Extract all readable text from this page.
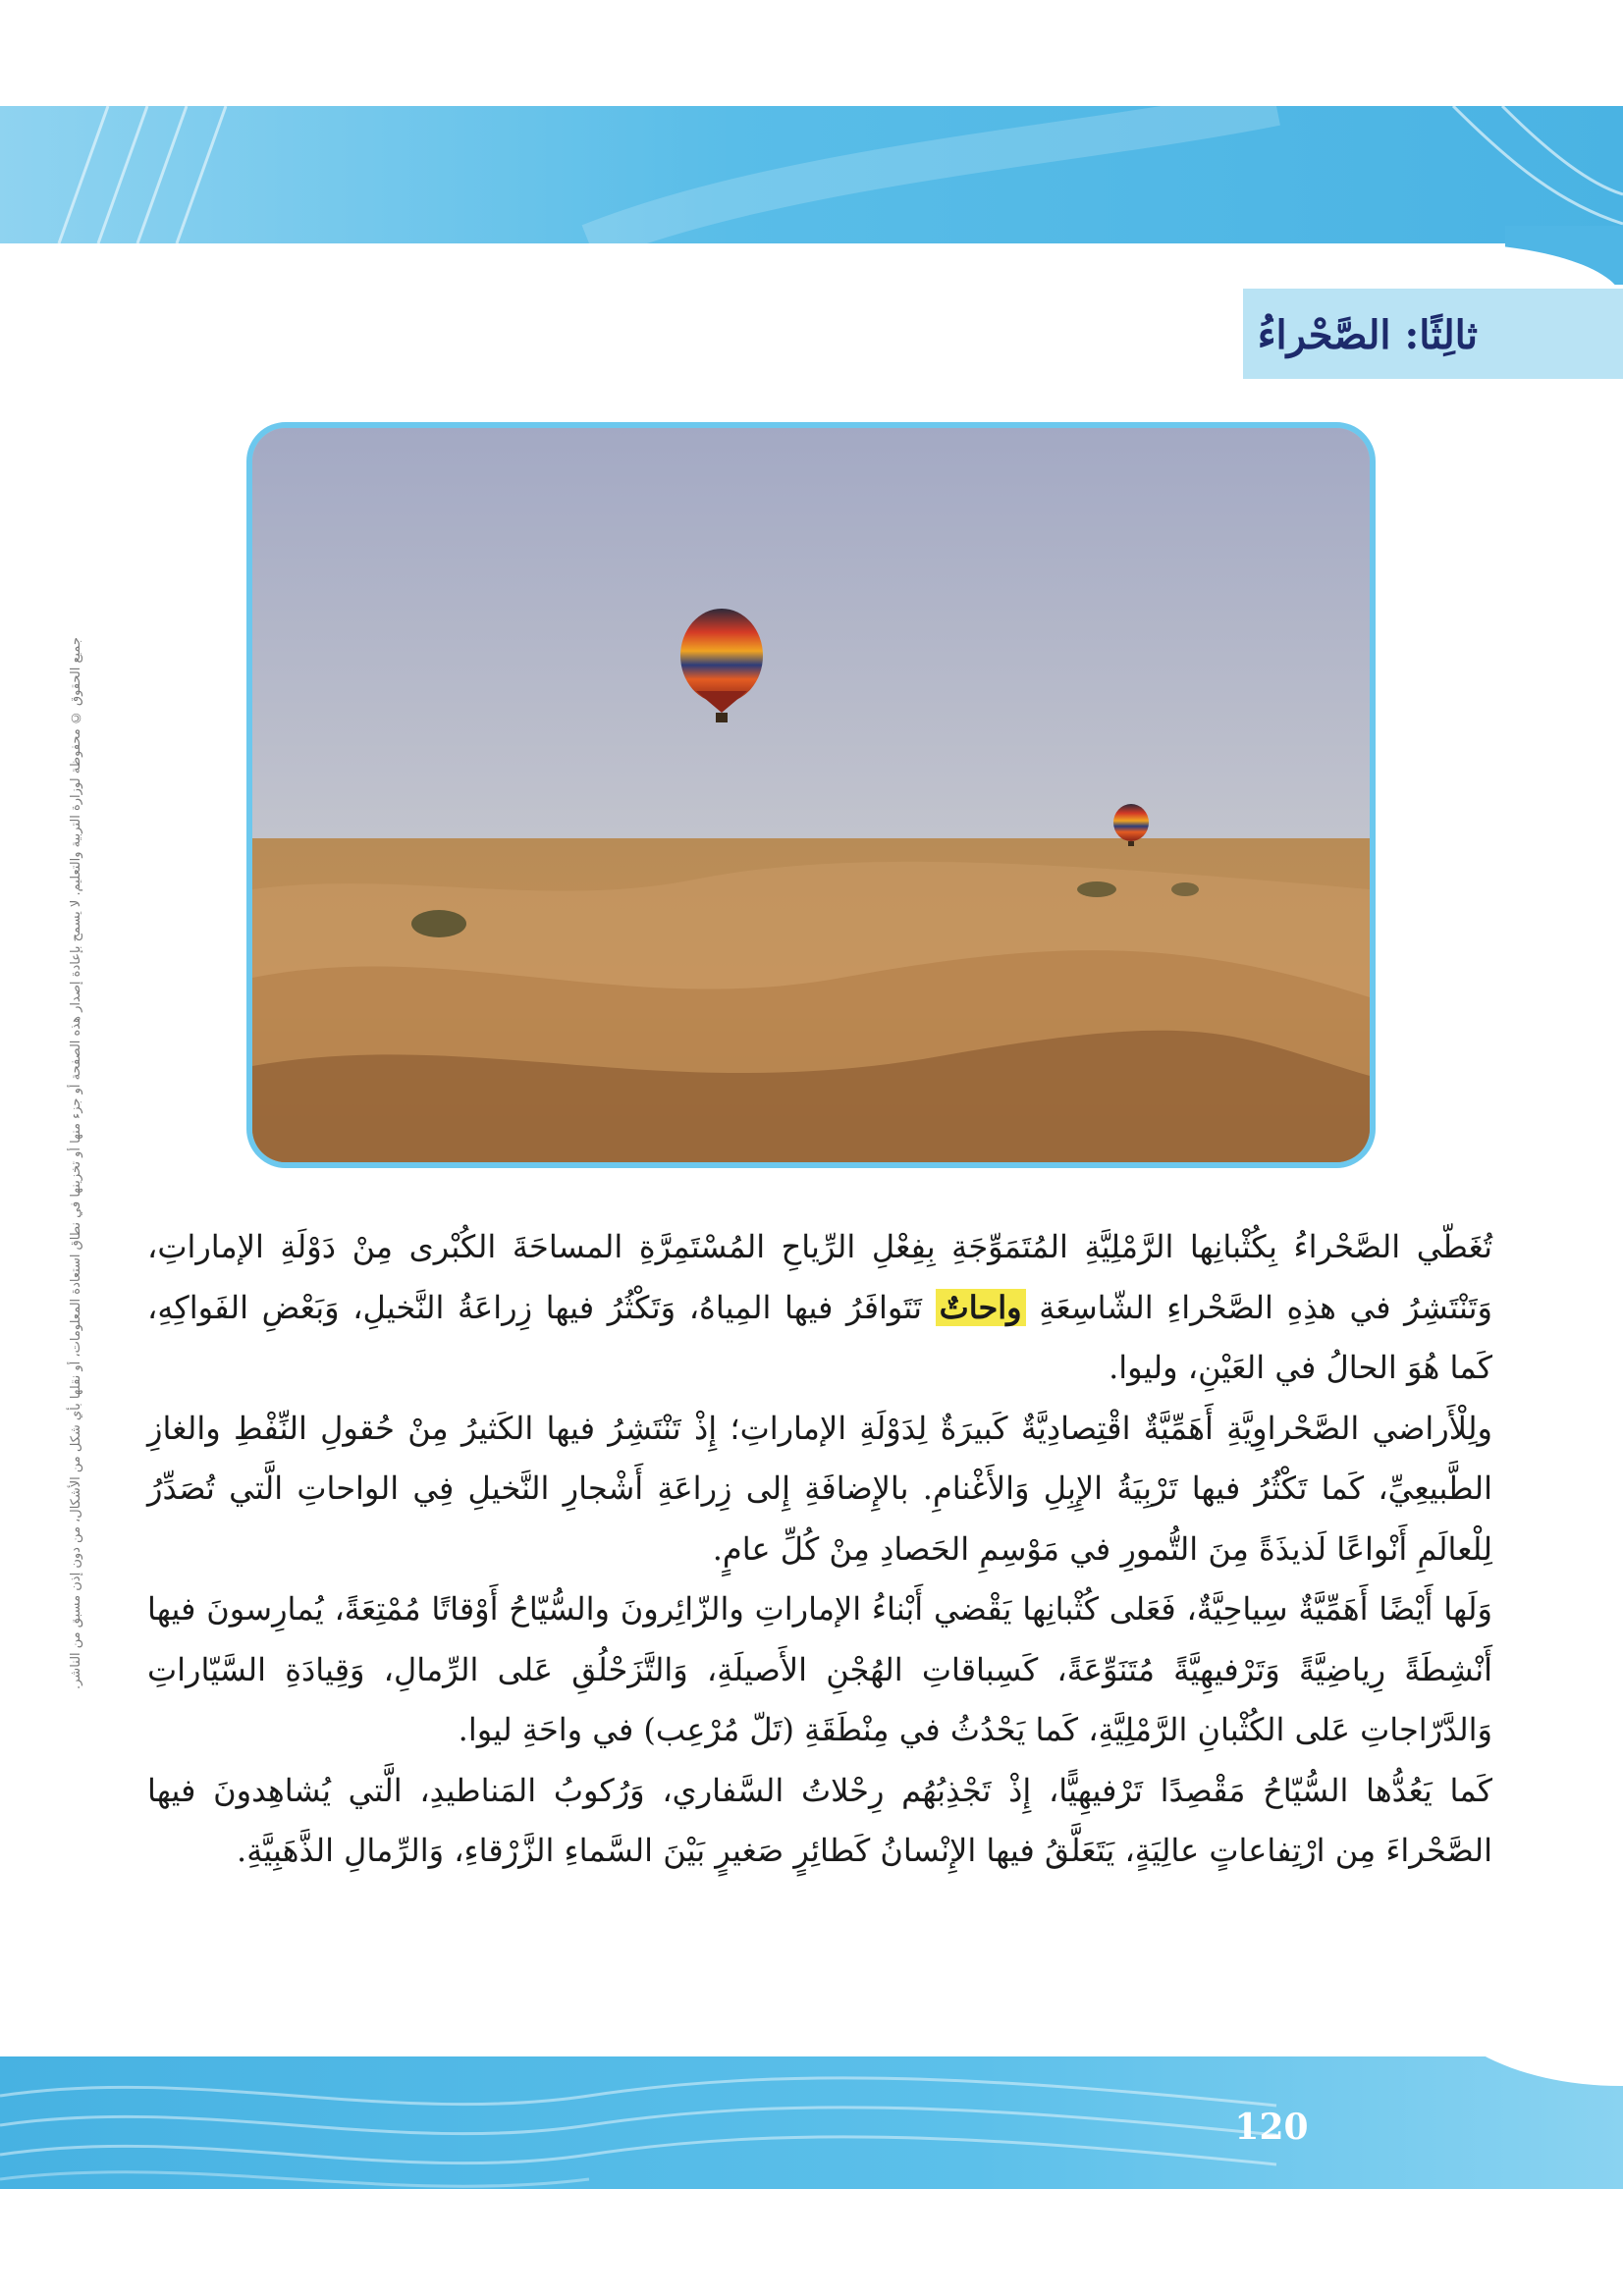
ثالِثًا: الصَّحْراءُ
جميع الحقوق © محفوظة لوزارة التربية والتعليم. لا يسمح بإعادة إصدار هذه الصفحة أو جزء منها أو تخزينها في نطاق استعادة المعلومات، أو نقلها بأي شكل من الأشكال، من دون إذن مسبق من الناشر.	تُغَطّي الصَّحْراءُ بِكُثْبانِها الرَّمْلِيَّةِ المُتَمَوِّجَةِ بِفِعْلِ الرِّياحِ المُسْتَمِرَّةِ المساحَةَ الكُبْرى مِنْ دَوْلَةِ الإماراتِ، وَتَنْتَشِرُ في هذِهِ الصَّحْراءِ الشّاسِعَةِ واحاتٌ تَتَوافَرُ فيها المِياهُ، وَتَكْثُرُ فيها زِراعَةُ النَّخيلِ، وَبَعْضِ الفَواكِهِ، كَما هُوَ الحالُ في العَيْنِ، وليوا.

ولِلْأَراضي الصَّحْراوِيَّةِ أَهَمِّيَّةٌ اقْتِصادِيَّةٌ كَبيرَةٌ لِدَوْلَةِ الإماراتِ؛ إِذْ تَنْتَشِرُ فيها الكَثيرُ مِنْ حُقولِ النِّفْطِ والغازِ الطَّبيعِيِّ، كَما تَكْثُرُ فيها تَرْبِيَةُ الإِبِلِ وَالأَغْنامِ. بالإِضافَةِ إِلى زِراعَةِ أَشْجارِ النَّخيلِ فِي الواحاتِ الَّتي تُصَدِّرُ لِلْعالَمِ أَنْواعًا لَذيذَةً مِنَ التُّمورِ في مَوْسِمِ الحَصادِ مِنْ كُلِّ عامٍ.

وَلَها أَيْضًا أَهَمِّيَّةٌ سِياحِيَّةٌ، فَعَلى كُثْبانِها يَقْضي أَبْناءُ الإماراتِ والزّائِرونَ والسُّيّاحُ أَوْقاتًا مُمْتِعَةً، يُمارِسونَ فيها أَنْشِطَةً رِياضِيَّةً وَتَرْفيهِيَّةً مُتَنَوِّعَةً، كَسِباقاتِ الهُجْنِ الأَصيلَةِ، وَالتَّزَحْلُقِ عَلى الرِّمالِ، وَقِيادَةِ السَّيّاراتِ وَالدَّرّاجاتِ عَلى الكُثْبانِ الرَّمْلِيَّةِ، كَما يَحْدُثُ في مِنْطَقَةِ (تَلّ مُرْعِب) في واحَةِ ليوا.

كَما يَعُدُّها السُّيّاحُ مَقْصِدًا تَرْفيهِيًّا، إِذْ تَجْذِبُهُم رِحْلاتُ السَّفاري، وَرُكوبُ المَناطيدِ، الَّتي يُشاهِدونَ فيها الصَّحْراءَ مِن ارْتِفاعاتٍ عالِيَةٍ، يَتَعَلَّقُ فيها الإِنْسانُ كَطائِرٍ صَغيرٍ بَيْنَ السَّماءِ الزَّرْقاءِ، وَالرِّمالِ الذَّهَبِيَّةِ.

120
